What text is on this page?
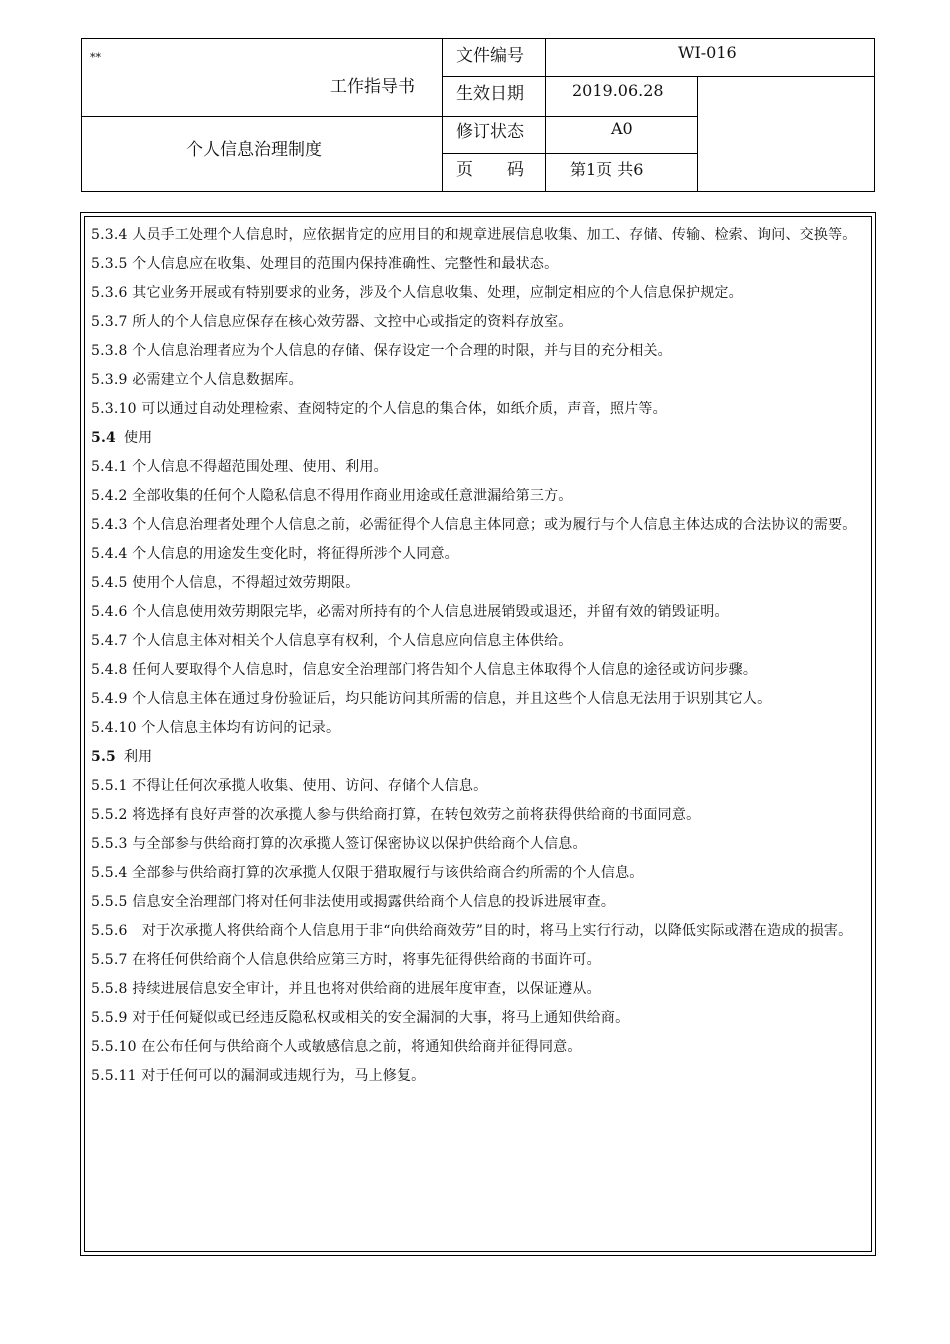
**
工作指导书
个人信息治理制度
文件编号
生效日期
修订状态
页　　码
WI-016
2019.06.28
A0
第1页 共6

5.3.4 人员手工处理个人信息时，应依据肯定的应用目的和规章进展信息收集、加工、存储、传输、检索、询问、交换等。

5.3.5 个人信息应在收集、处理目的范围内保持准确性、完整性和最状态。

5.3.6 其它业务开展或有特别要求的业务，涉及个人信息收集、处理，应制定相应的个人信息保护规定。

5.3.7 所人的个人信息应保存在核心效劳器、文控中心或指定的资料存放室。

5.3.8 个人信息治理者应为个人信息的存储、保存设定一个合理的时限，并与目的充分相关。

5.3.9 必需建立个人信息数据库。

5.3.10 可以通过自动处理检索、查阅特定的个人信息的集合体，如纸介质，声音，照片等。

5.4 使用

5.4.1 个人信息不得超范围处理、使用、利用。

5.4.2 全部收集的任何个人隐私信息不得用作商业用途或任意泄漏给第三方。

5.4.3 个人信息治理者处理个人信息之前，必需征得个人信息主体同意；或为履行与个人信息主体达成的合法协议的需要。

5.4.4 个人信息的用途发生变化时，将征得所涉个人同意。

5.4.5 使用个人信息，不得超过效劳期限。

5.4.6 个人信息使用效劳期限完毕，必需对所持有的个人信息进展销毁或退还，并留有效的销毁证明。

5.4.7 个人信息主体对相关个人信息享有权利，个人信息应向信息主体供给。

5.4.8 任何人要取得个人信息时，信息安全治理部门将告知个人信息主体取得个人信息的途径或访问步骤。

5.4.9 个人信息主体在通过身份验证后，均只能访问其所需的信息，并且这些个人信息无法用于识别其它人。

5.4.10 个人信息主体均有访问的记录。

5.5 利用

5.5.1 不得让任何次承揽人收集、使用、访问、存储个人信息。

5.5.2 将选择有良好声誉的次承揽人参与供给商打算，在转包效劳之前将获得供给商的书面同意。

5.5.3 与全部参与供给商打算的次承揽人签订保密协议以保护供给商个人信息。

5.5.4 全部参与供给商打算的次承揽人仅限于猎取履行与该供给商合约所需的个人信息。

5.5.5 信息安全治理部门将对任何非法使用或揭露供给商个人信息的投诉进展审查。

5.5.6　对于次承揽人将供给商个人信息用于非“向供给商效劳”目的时，将马上实行行动，以降低实际或潜在造成的损害。

5.5.7 在将任何供给商个人信息供给应第三方时，将事先征得供给商的书面许可。

5.5.8 持续进展信息安全审计，并且也将对供给商的进展年度审查，以保证遵从。

5.5.9 对于任何疑似或已经违反隐私权或相关的安全漏洞的大事，将马上通知供给商。

5.5.10 在公布任何与供给商个人或敏感信息之前，将通知供给商并征得同意。

5.5.11 对于任何可以的漏洞或违规行为，马上修复。
